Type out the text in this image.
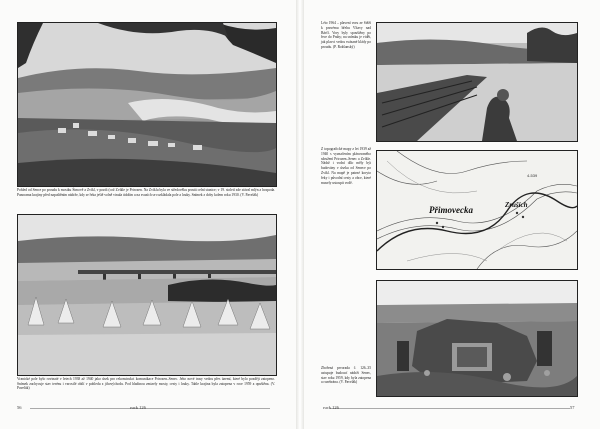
Pohled od Sence po proudu k mostku Šimově a Zvíkl, v pozdi (což Zvíkle je Prirozen. Na Zvíklu byla ve středověku prostá celní stanice; v 19. století zde stával mlýn a hospoda. Panorama krajiny před napuštěním nádrže, kdy se řeka ještě volně vinula údolím a na svazích se rozkládala pole a louky. Snímek z doby kolem roku 1930. (V. Pavelák)
Vranické pole bylo rovinaté v letech 1938 až 1940 jako úsek pro rekonstrukci komunikace Prirozen–Senec. Jeho nové trasy vedou přes území, které bylo později zatopeno. Snímek zachycuje stav terénu i vzrostlé obilí v pohledu z jihovýchodu. Pod hladinou zmizely mosty, cesty i louky. Tahle krajina byla zatopena v roce 1959 a opuštěna. (V. Pavelák)
56	ruck 126
Léto 1964 – plavení voru ze Stěží k pravému břehu Vltavy nad Bárčí. Vory byly spouštěny po řece do Prahy; na snímku je vidět, jak plavci vedou svázané klády po proudu. (P. Rokšanský)
Z topografické mapy z let 1939 až 1940 s vyznačením plánovaného sdružení Prirozen–Senec a Zvíkle. Nádrž i vodní dílo měly být budovány v úseku od Senece po Zvíkl. Na mapě je patrné koryto řeky i původní cesty a obce, které musely ustoupit vodě.
Přimovecka	Zruších
4-539
Zbořená prvorada č. 126–35 ustupuje budoucí nádrži Senec, stav roku 1959, kdy byla zatopena a rozebrána. (V. Pavelák)
ruck 126	57
